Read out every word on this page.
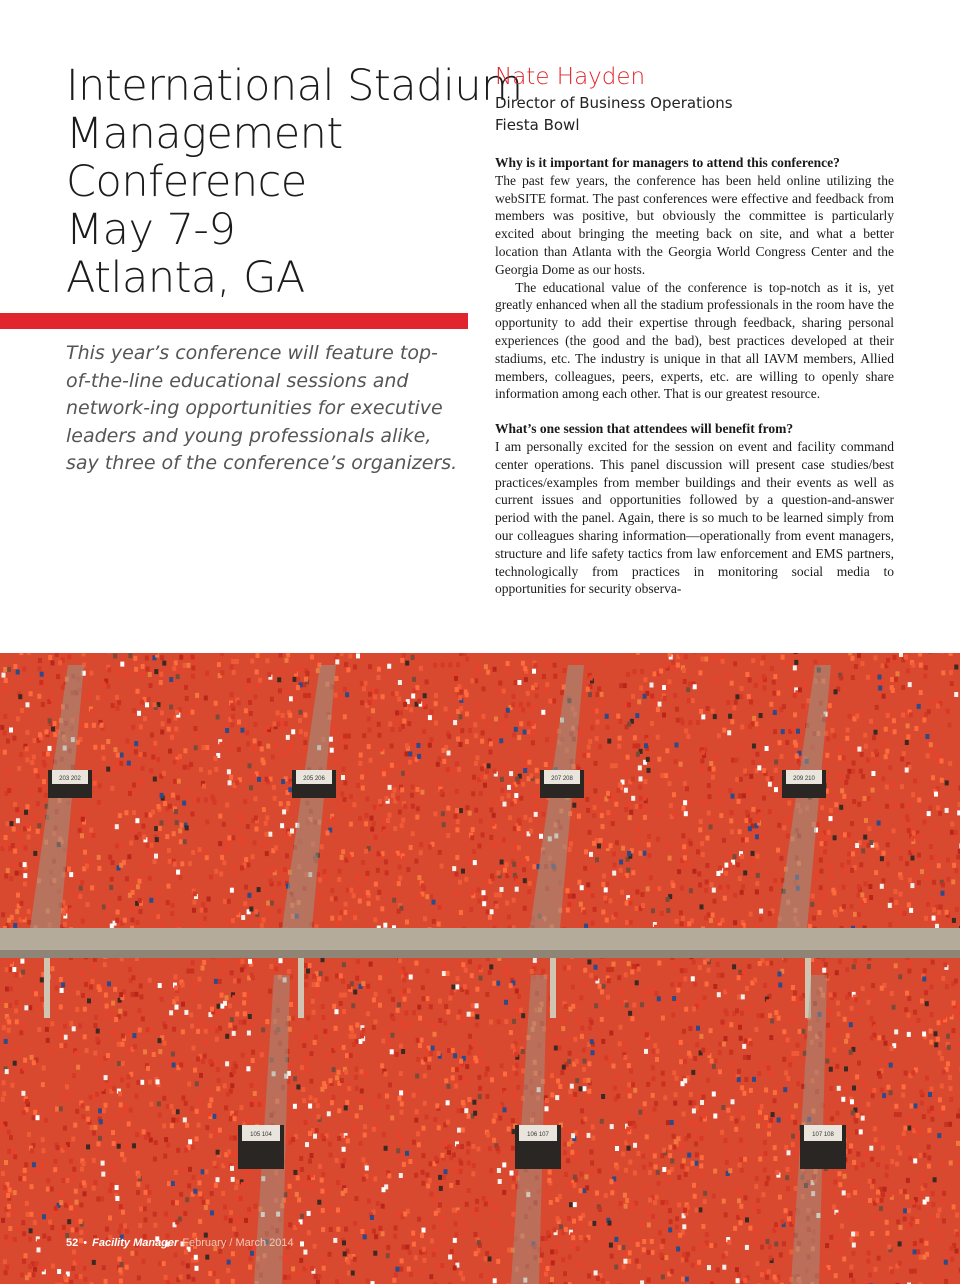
International Stadium
Management
Conference
May 7-9
Atlanta, GA

This year’s conference will feature top-of-the-line educational sessions and network-ing opportunities for executive leaders and young professionals alike, say three of the conference’s organizers.

Nate Hayden

Director of Business Operations

Fiesta Bowl

Why is it important for managers to attend this conference?

The past few years, the conference has been held online utilizing the webSITE format. The past conferences were effective and feedback from members was positive, but obviously the committee is particularly excited about bringing the meeting back on site, and what a better location than Atlanta with the Georgia World Congress Center and the Georgia Dome as our hosts.

The educational value of the conference is top-notch as it is, yet greatly enhanced when all the stadium professionals in the room have the opportunity to add their expertise through feedback, sharing personal experiences (the good and the bad), best practices developed at their stadiums, etc. The industry is unique in that all IAVM members, Allied members, colleagues, peers, experts, etc. are willing to openly share information among each other. That is our greatest resource.

What’s one session that attendees will benefit from?

I am personally excited for the session on event and facility command center operations. This panel discussion will present case studies/best practices/examples from member buildings and their events as well as current issues and opportunities followed by a question-and-answer period with the panel. Again, there is so much to be learned simply from our colleagues sharing information—operationally from event managers, structure and life safety tactics from law enforcement and EMS partners, technologically from practices in monitoring social media to opportunities for security observa-

203 202	205 206	207 208	209 210
105 104	106 107	107 108
52 • Facility Manager February / March 2014
